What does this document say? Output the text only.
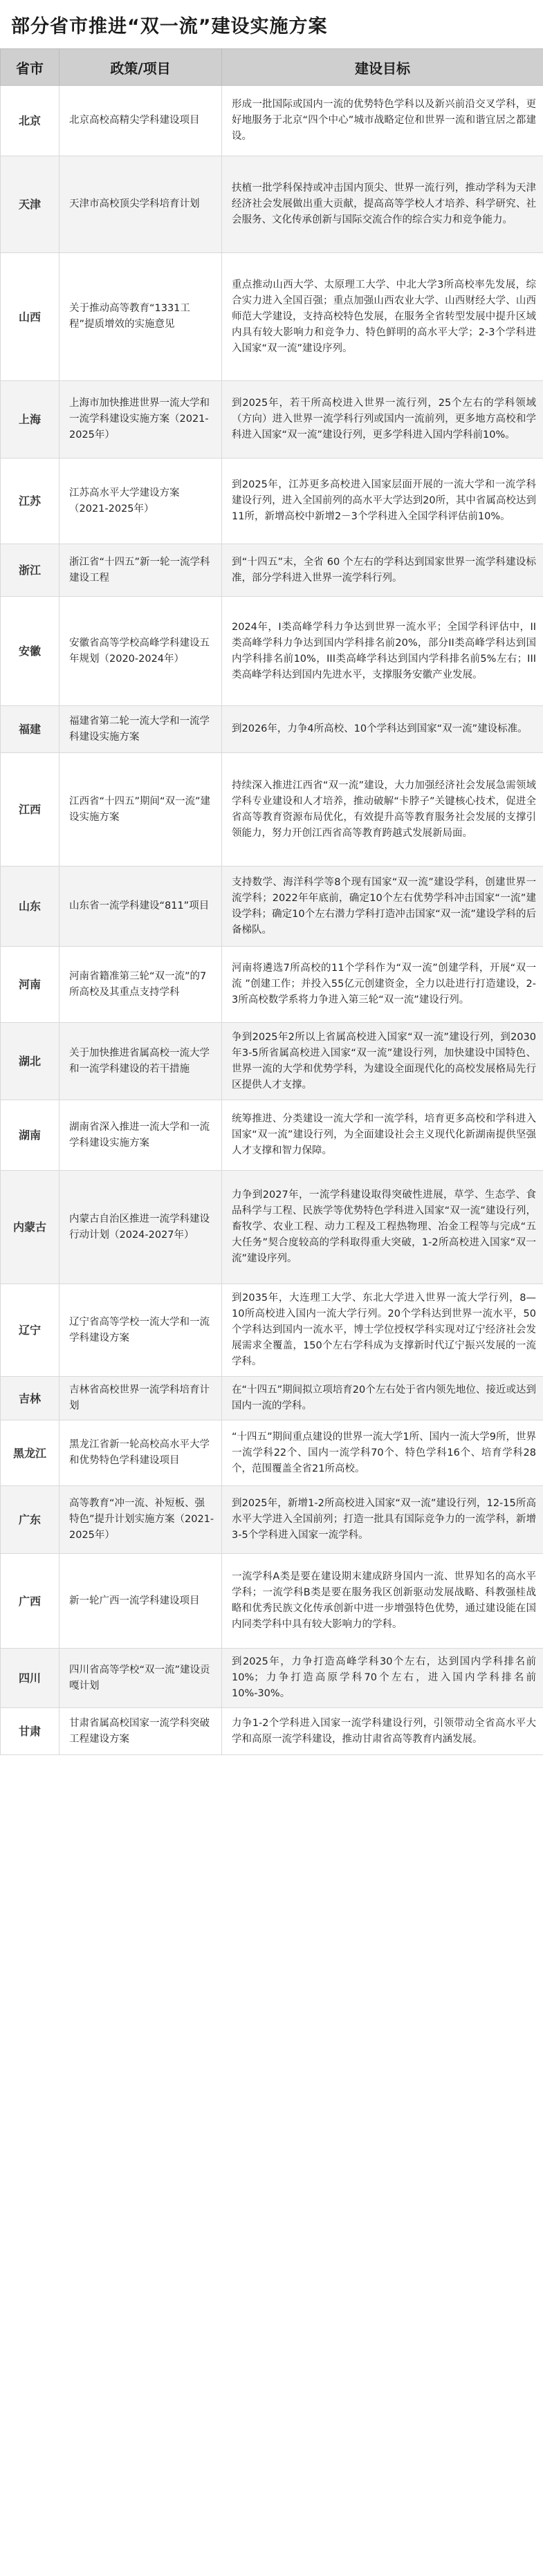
部分省市推进“双一流”建设实施方案
省市	政策/项目	建设目标
北京	北京高校高精尖学科建设项目	形成一批国际或国内一流的优势特色学科以及新兴前沿交叉学科，更好地服务于北京“四个中心”城市战略定位和世界一流和谐宜居之都建设。
天津	天津市高校顶尖学科培育计划	扶植一批学科保持或冲击国内顶尖、世界一流行列，推动学科为天津经济社会发展做出重大贡献，提高高等学校人才培养、科学研究、社会服务、文化传承创新与国际交流合作的综合实力和竞争能力。
山西	关于推动高等教育“1331工程”提质增效的实施意见	重点推动山西大学、太原理工大学、中北大学3所高校率先发展，综合实力进入全国百强；重点加强山西农业大学、山西财经大学、山西师范大学建设，支持高校特色发展，在服务全省转型发展中提升区域内具有较大影响力和竞争力、特色鲜明的高水平大学；2-3个学科进入国家“双一流”建设序列。
上海	上海市加快推进世界一流大学和一流学科建设实施方案（2021-2025年）	到2025年，若干所高校进入世界一流行列，25个左右的学科领域（方向）进入世界一流学科行列或国内一流前列，更多地方高校和学科进入国家“双一流”建设行列，更多学科进入国内学科前10%。
江苏	江苏高水平大学建设方案（2021-2025年）	到2025年，江苏更多高校进入国家层面开展的一流大学和一流学科建设行列，进入全国前列的高水平大学达到20所，其中省属高校达到11所，新增高校中新增2－3个学科进入全国学科评估前10%。
浙江	浙江省“十四五”新一轮一流学科建设工程	到“十四五”末，全省 60 个左右的学科达到国家世界一流学科建设标准，部分学科进入世界一流学科行列。
安徽	安徽省高等学校高峰学科建设五年规划（2020-2024年）	2024年，I类高峰学科力争达到世界一流水平；全国学科评估中，II类高峰学科力争达到国内学科排名前20%，部分II类高峰学科达到国内学科排名前10%，III类高峰学科达到国内学科排名前5%左右；III类高峰学科达到国内先进水平，支撑服务安徽产业发展。
福建	福建省第二轮一流大学和一流学科建设实施方案	到2026年，力争4所高校、10个学科达到国家“双一流”建设标准。
江西	江西省“十四五”期间“双一流”建设实施方案	持续深入推进江西省“双一流”建设，大力加强经济社会发展急需领域学科专业建设和人才培养，推动破解“卡脖子”关键核心技术，促进全省高等教育资源布局优化，有效提升高等教育服务社会发展的支撑引领能力，努力开创江西省高等教育跨越式发展新局面。
山东	山东省一流学科建设“811”项目	支持数学、海洋科学等8个现有国家“双一流”建设学科，创建世界一流学科；2022年年底前，确定10个左右优势学科冲击国家“一流”建设学科；确定10个左右潜力学科打造冲击国家“双一流”建设学科的后备梯队。
河南	河南省籍准第三轮“双一流”的7所高校及其重点支持学科	河南将遴选7所高校的11个学科作为“双一流”创建学科，开展“双一流 ”创建工作；并投入55亿元创建资金，全力以赴进行打造建设，2-3所高校数学系将力争进入第三轮“双一流”建设行列。
湖北	关于加快推进省属高校一流大学和一流学科建设的若干措施	争到2025年2所以上省属高校进入国家“双一流”建设行列，到2030年3-5所省属高校进入国家“双一流”建设行列，加快建设中国特色、世界一流的大学和优势学科，为建设全面现代化的高校发展格局先行区提供人才支撑。
湖南	湖南省深入推进一流大学和一流学科建设实施方案	统筹推进、分类建设一流大学和一流学科，培育更多高校和学科进入国家“双一流”建设行列，为全面建设社会主义现代化新湖南提供坚强人才支撑和智力保障。
内蒙古	内蒙古自治区推进一流学科建设行动计划（2024-2027年）	力争到2027年，一流学科建设取得突破性进展，草学、生态学、食品科学与工程、民族学等优势特色学科进入国家“双一流”建设行列，畜牧学、农业工程、动力工程及工程热物理、冶金工程等与完成“五大任务”契合度较高的学科取得重大突破，1-2所高校进入国家“双一流”建设序列。
辽宁	辽宁省高等学校一流大学和一流学科建设方案	到2035年，大连理工大学、东北大学进入世界一流大学行列，8—10所高校进入国内一流大学行列。20个学科达到世界一流水平，50个学科达到国内一流水平，博士学位授权学科实现对辽宁经济社会发展需求全覆盖，150个左右学科成为支撑新时代辽宁振兴发展的一流学科。
吉林	吉林省高校世界一流学科培育计划	在“十四五”期间拟立项培育20个左右处于省内领先地位、接近或达到国内一流的学科。
黑龙江	黑龙江省新一轮高校高水平大学和优势特色学科建设项目	“十四五”期间重点建设的世界一流大学1所、国内一流大学9所，世界一流学科22个、国内一流学科70个、特色学科16个、培育学科28个，范围覆盖全省21所高校。
广东	高等教育“冲一流、补短板、强特色”提升计划实施方案（2021-2025年）	到2025年，新增1-2所高校进入国家“双一流”建设行列，12-15所高水平大学进入全国前列；打造一批具有国际竞争力的一流学科，新增3-5个学科进入国家一流学科。
广西	新一轮广西一流学科建设项目	一流学科A类是要在建设期末建成跻身国内一流、世界知名的高水平学科；一流学科B类是要在服务我区创新驱动发展战略、科教强桂战略和优秀民族文化传承创新中进一步增强特色优势，通过建设能在国内同类学科中具有较大影响力的学科。
四川	四川省高等学校“双一流”建设贡嘎计划	到2025年，力争打造高峰学科30个左右，达到国内学科排名前10%；力争打造高原学科70个左右，进入国内学科排名前10%-30%。
甘肃	甘肃省属高校国家一流学科突破工程建设方案	力争1-2个学科进入国家一流学科建设行列，引领带动全省高水平大学和高原一流学科建设，推动甘肃省高等教育内涵发展。
